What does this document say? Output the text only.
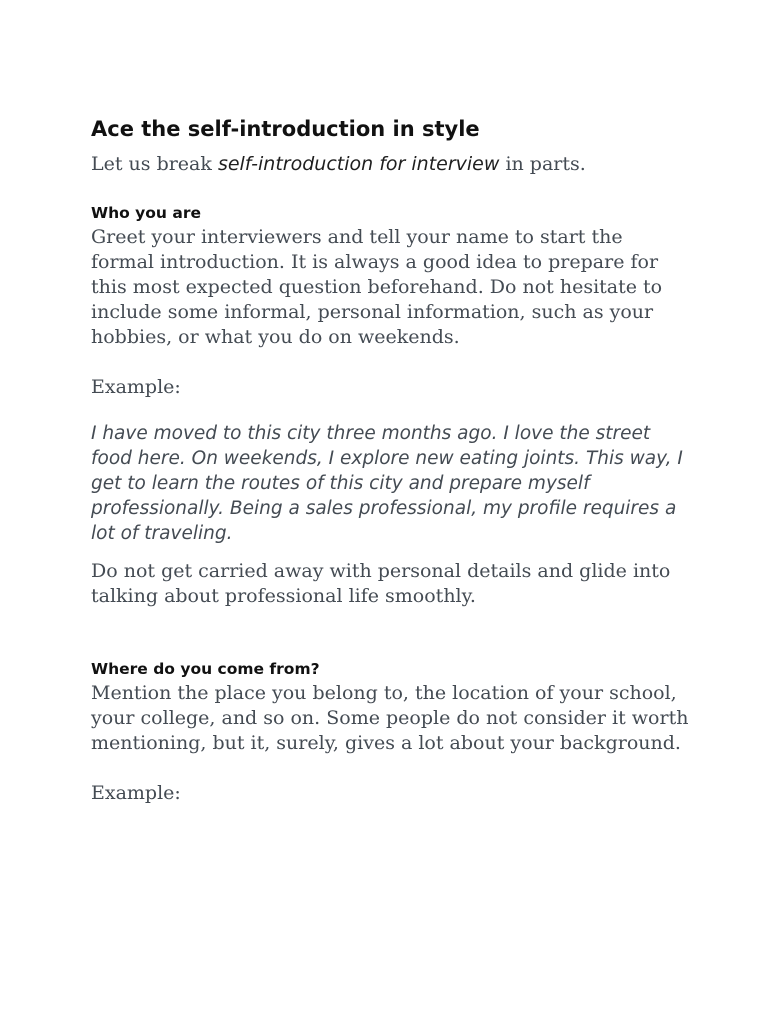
Ace the self-introduction in style

Let us break self-introduction for interview in parts.

Who you are

Greet your interviewers and tell your name to start the formal introduction. It is always a good idea to prepare for this most expected question beforehand. Do not hesitate to include some informal, personal information, such as your hobbies, or what you do on weekends.

Example:

I have moved to this city three months ago. I love the street food here. On weekends, I explore new eating joints. This way, I get to learn the routes of this city and prepare myself professionally. Being a sales professional, my profile requires a lot of traveling.

Do not get carried away with personal details and glide into talking about professional life smoothly.

Where do you come from?

Mention the place you belong to, the location of your school, your college, and so on. Some people do not consider it worth mentioning, but it, surely, gives a lot about your background.

Example:
